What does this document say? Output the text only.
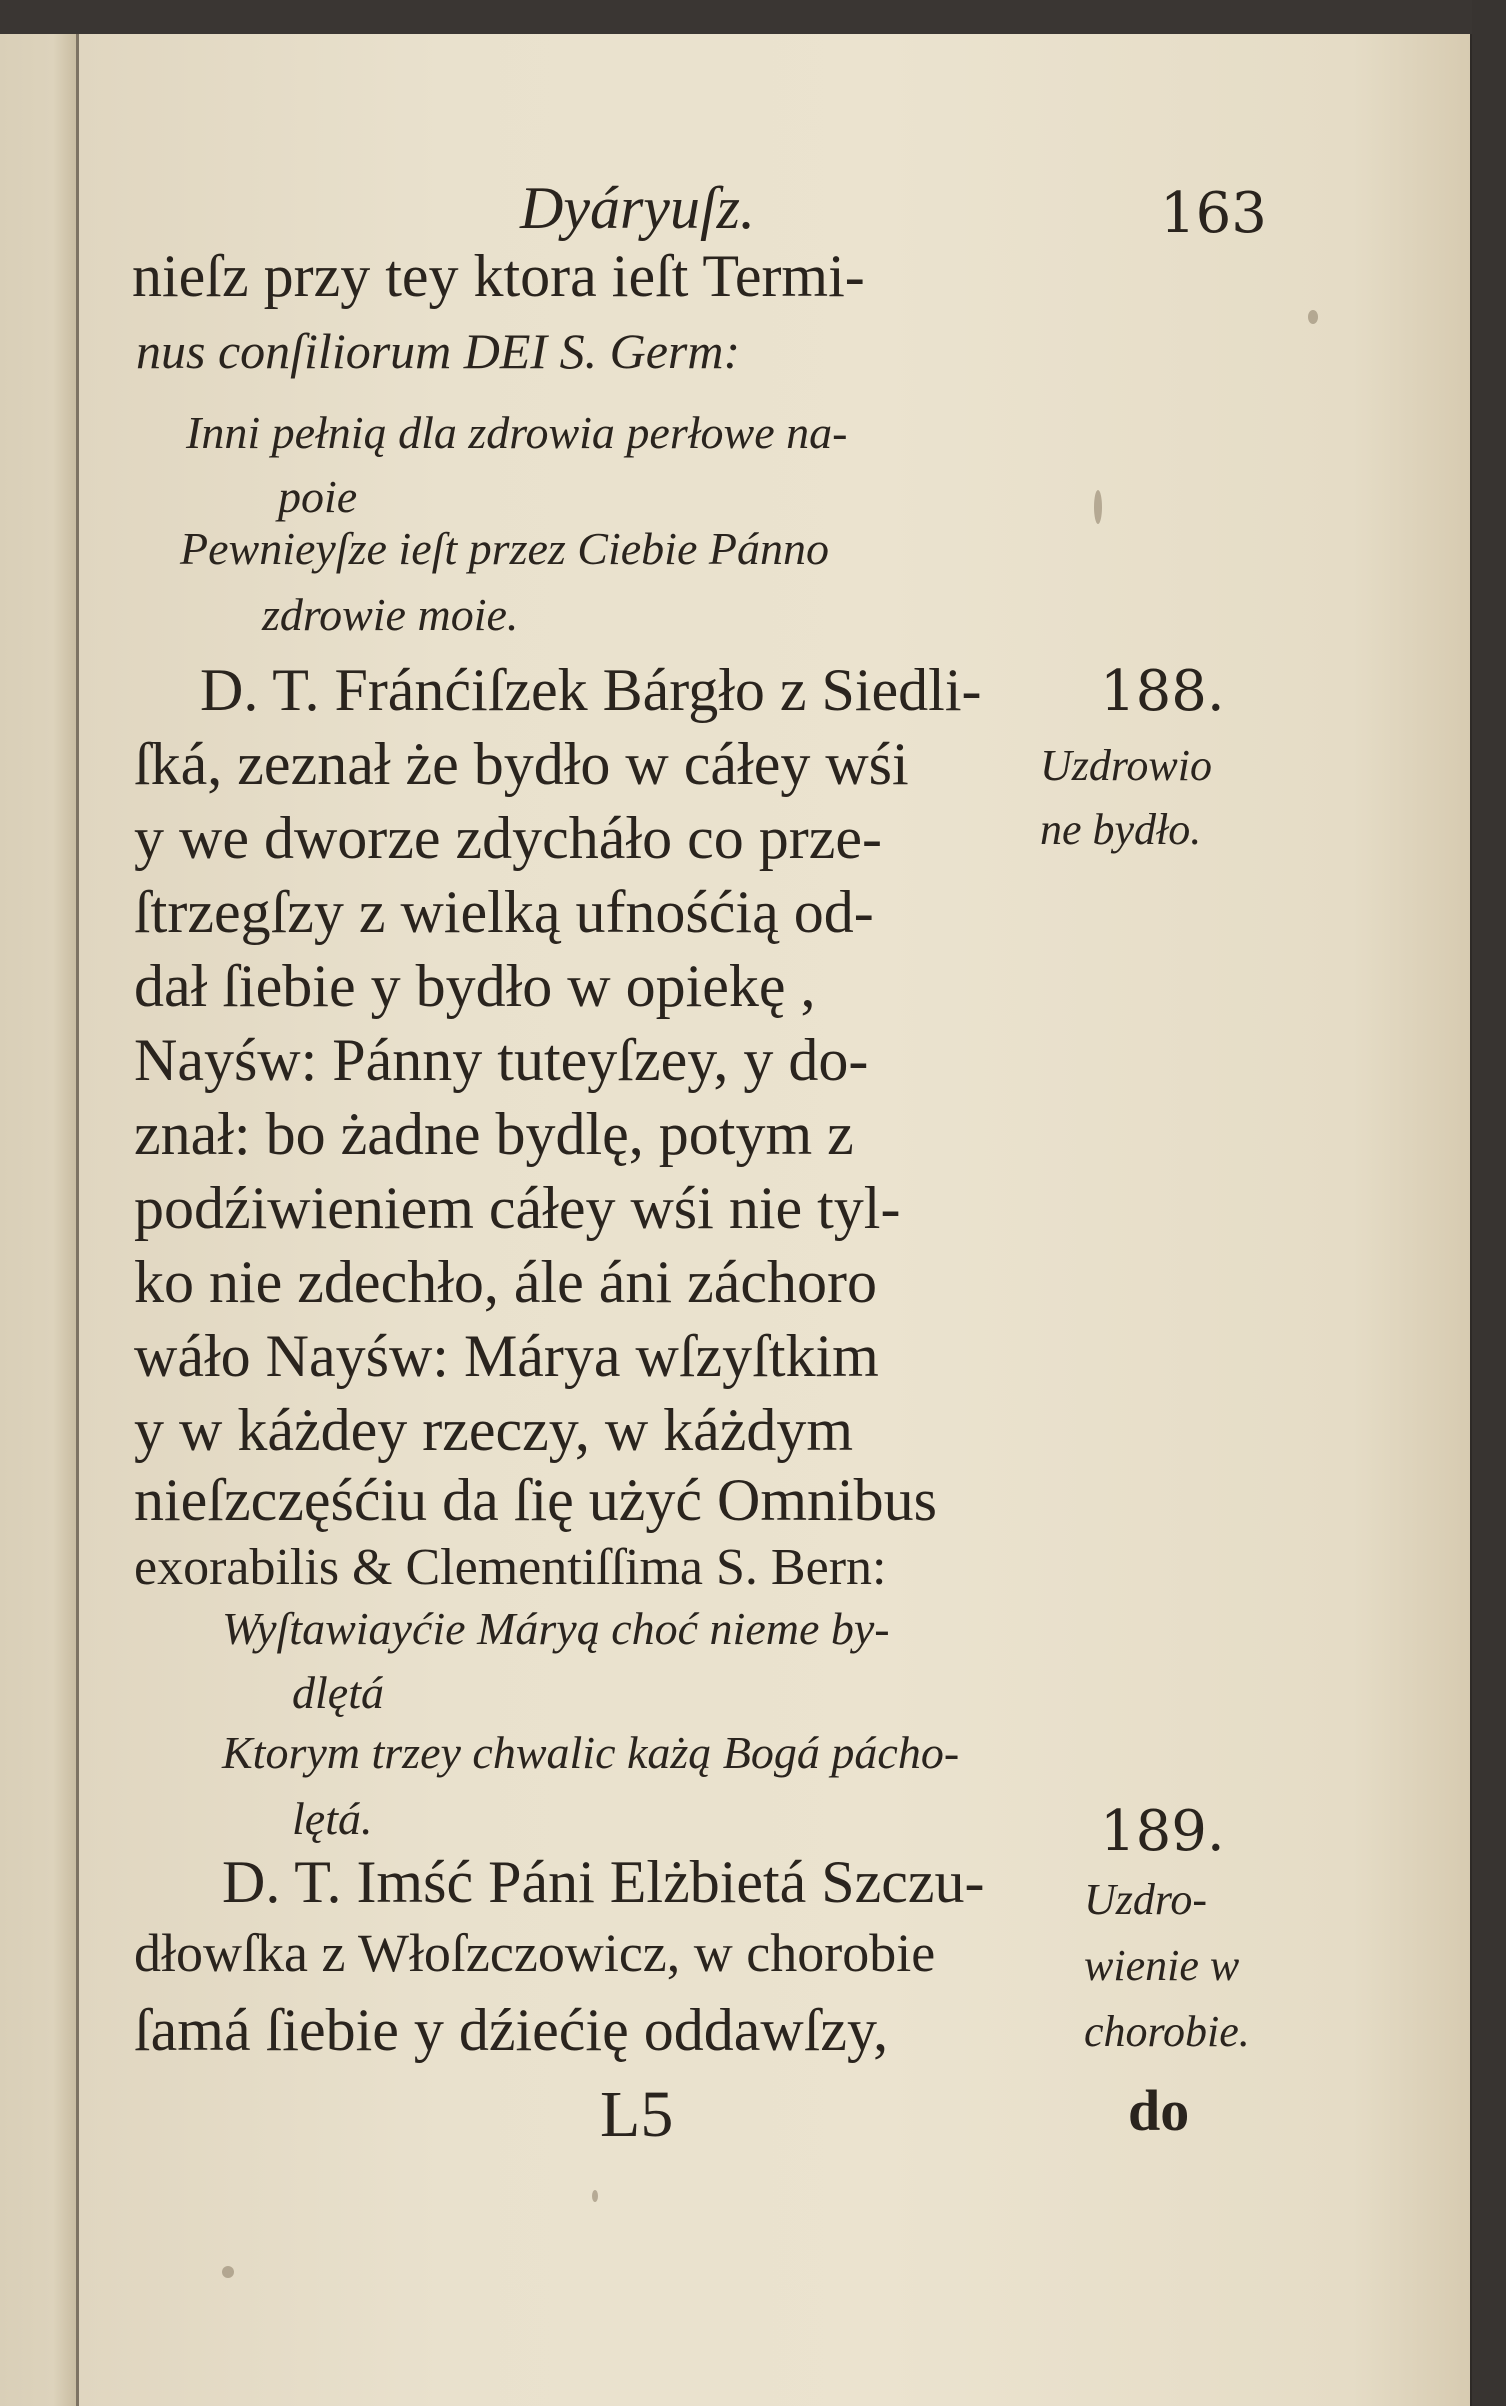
Dyáryuſz.	163
nieſz przy tey ktora ieſt Termi-
nus conſiliorum DEI S. Germ:
Inni pełnią dla zdrowia perłowe na-
poie
Pewnieyſze ieſt przez Ciebie Pánno
zdrowie moie.
D. T. Fránćiſzek Bárgło z Siedli-
ſká, zeznał że bydło w cáłey wśi
y we dworze zdycháło co prze-
ſtrzegſzy z wielką ufnośćią od-
dał ſiebie y bydło w opiekę ,
Nayśw: Pánny tuteyſzey, y do-
znał: bo żadne bydlę, potym z
podźiwieniem cáłey wśi nie tyl-
ko nie zdechło, ále áni záchoro
wáło Nayśw: Márya wſzyſtkim
y w káżdey rzeczy, w káżdym
nieſzczęśćiu da ſię użyć Omnibus
exorabilis & Clementiſſima S. Bern:
Wyſtawiayćie Máryą choć nieme by-
dlętá
Ktorym trzey chwalic każą Bogá pácho-
lętá.
D. T. Imść Páni Elżbietá Szczu-
dłowſka z Włoſzczowicz, w chorobie
ſamá ſiebie y dźiećię oddawſzy,
188.
Uzdrowio
ne bydło.
189.
Uzdro-
wienie w
chorobie.
L5	do
